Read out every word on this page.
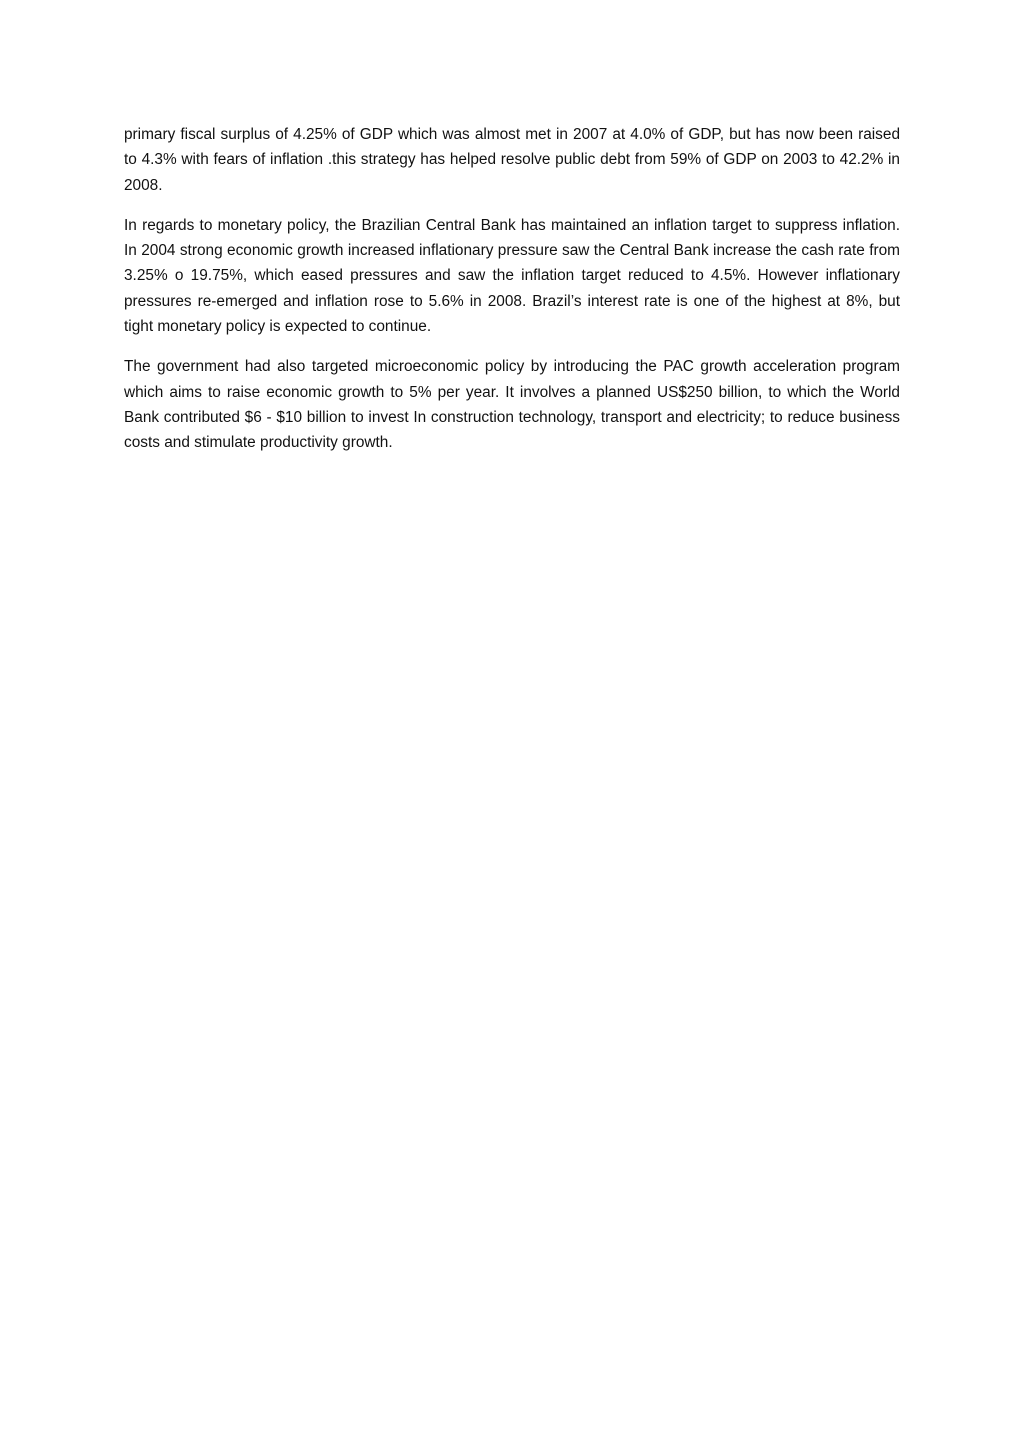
primary fiscal surplus of 4.25% of GDP which was almost met in 2007 at 4.0% of GDP, but has now been raised to 4.3% with fears of inflation .this strategy has helped resolve public debt from 59% of GDP on 2003 to 42.2% in 2008.

In regards to monetary policy, the Brazilian Central Bank has maintained an inflation target to suppress inflation. In 2004 strong economic growth increased inflationary pressure saw the Central Bank increase the cash rate from 3.25% o 19.75%, which eased pressures and saw the inflation target reduced to 4.5%. However inflationary pressures re-emerged and inflation rose to 5.6% in 2008. Brazil’s interest rate is one of the highest at 8%, but tight monetary policy is expected to continue.

The government had also targeted microeconomic policy by introducing the PAC growth acceleration program which aims to raise economic growth to 5% per year. It involves a planned US$250 billion, to which the World Bank contributed $6 - $10 billion to invest In construction technology, transport and electricity; to reduce business costs and stimulate productivity growth.
